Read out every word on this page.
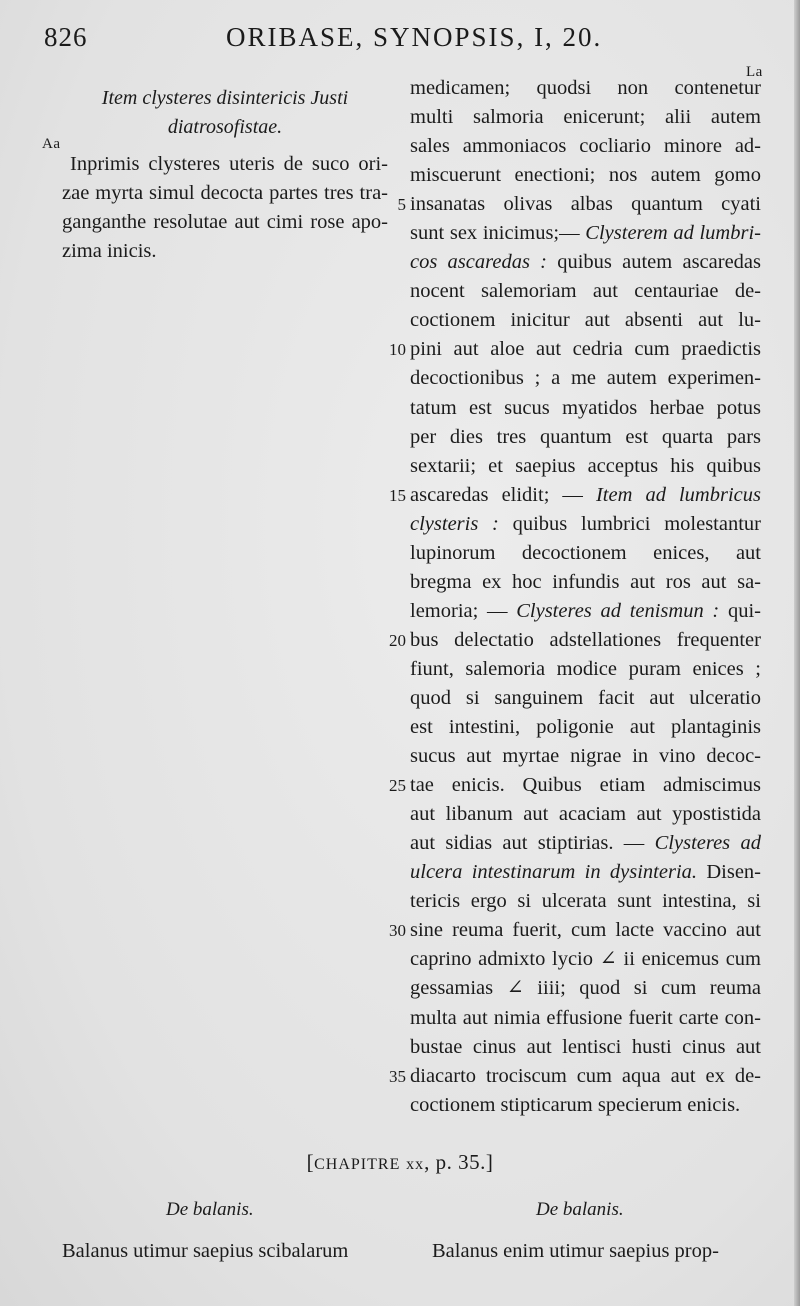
826	ORIBASE, SYNOPSIS, I, 20.
Aa
La
Item clysteres disintericis Justi
diatrosofistae.
Inprimis clysteres uteris de suco ori-
zae myrta simul decocta partes tres tra-
ganganthe resolutae aut cimi rose apo-
zima inicis.
medicamen; quodsi non contenetur
multi salmoria enicerunt; alii autem
sales ammoniacos cocliario minore ad-
miscuerunt enectioni; nos autem gomo
5 insanatas olivas albas quantum cyati
sunt sex inicimus;— Clysterem ad lumbri-
cos ascaredas : quibus autem ascaredas
nocent salemoriam aut centauriae de-
coctionem inicitur aut absenti aut lu-
10 pini aut aloe aut cedria cum praedictis
decoctionibus ; a me autem experimen-
tatum est sucus myatidos herbae potus
per dies tres quantum est quarta pars
sextarii; et saepius acceptus his quibus
15 ascaredas elidit; — Item ad lumbricus
clysteris : quibus lumbrici molestantur
lupinorum decoctionem enices, aut
bregma ex hoc infundis aut ros aut sa-
lemoria; — Clysteres ad tenismun : qui-
20 bus delectatio adstellationes frequenter
fiunt, salemoria modice puram enices ;
quod si sanguinem facit aut ulceratio
est intestini, poligonie aut plantaginis
sucus aut myrtae nigrae in vino decoc-
25 tae enicis. Quibus etiam admiscimus
aut libanum aut acaciam aut ypostistida
aut sidias aut stiptirias. — Clysteres ad
ulcera intestinarum in dysinteria. Disen-
tericis ergo si ulcerata sunt intestina, si
30 sine reuma fuerit, cum lacte vaccino aut
caprino admixto lycio ∠ ii enicemus cum
gessamias ∠ iiii; quod si cum reuma
multa aut nimia effusione fuerit carte con-
bustae cinus aut lentisci husti cinus aut
35 diacarto trociscum cum aqua aut ex de-
coctionem stipticarum specierum enicis.
[CHAPITRE xx, p. 35.]
De balanis.	De balanis.
Balanus utimur saepius scibalarum	Balanus enim utimur saepius prop-
